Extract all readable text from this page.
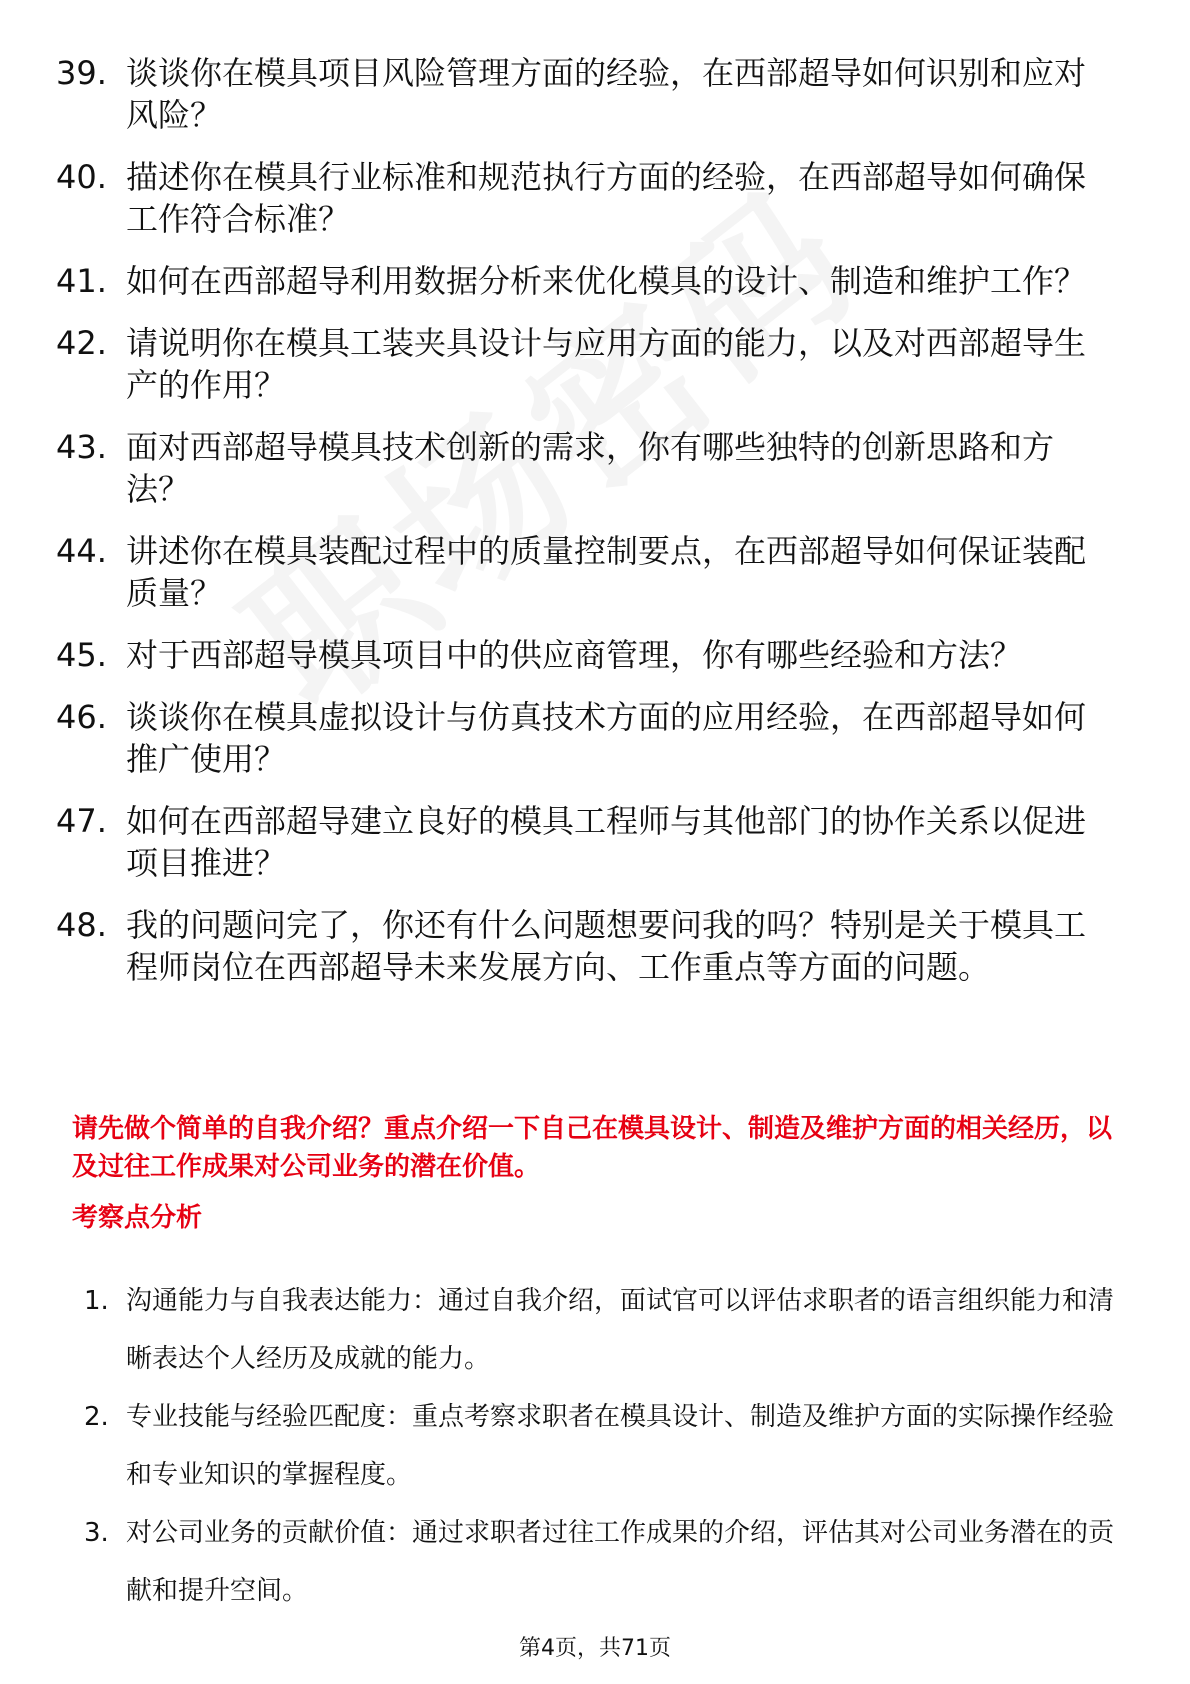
39. 谈谈你在模具项目风险管理方面的经验，在西部超导如何识别和应对风险？
40. 描述你在模具行业标准和规范执行方面的经验，在西部超导如何确保工作符合标准？
41. 如何在西部超导利用数据分析来优化模具的设计、制造和维护工作？
42. 请说明你在模具工装夹具设计与应用方面的能力，以及对西部超导生产的作用？
43. 面对西部超导模具技术创新的需求，你有哪些独特的创新思路和方法？
44. 讲述你在模具装配过程中的质量控制要点，在西部超导如何保证装配质量？
45. 对于西部超导模具项目中的供应商管理，你有哪些经验和方法？
46. 谈谈你在模具虚拟设计与仿真技术方面的应用经验，在西部超导如何推广使用？
47. 如何在西部超导建立良好的模具工程师与其他部门的协作关系以促进项目推进？
48. 我的问题问完了，你还有什么问题想要问我的吗？特别是关于模具工程师岗位在西部超导未来发展方向、工作重点等方面的问题。

请先做个简单的自我介绍？重点介绍一下自己在模具设计、制造及维护方面的相关经历，以及过往工作成果对公司业务的潜在价值。

考察点分析
1. 沟通能力与自我表达能力：通过自我介绍，面试官可以评估求职者的语言组织能力和清晰表达个人经历及成就的能力。
2. 专业技能与经验匹配度：重点考察求职者在模具设计、制造及维护方面的实际操作经验和专业知识的掌握程度。
3. 对公司业务的贡献价值：通过求职者过往工作成果的介绍，评估其对公司业务潜在的贡献和提升空间。
第4页，共71页
